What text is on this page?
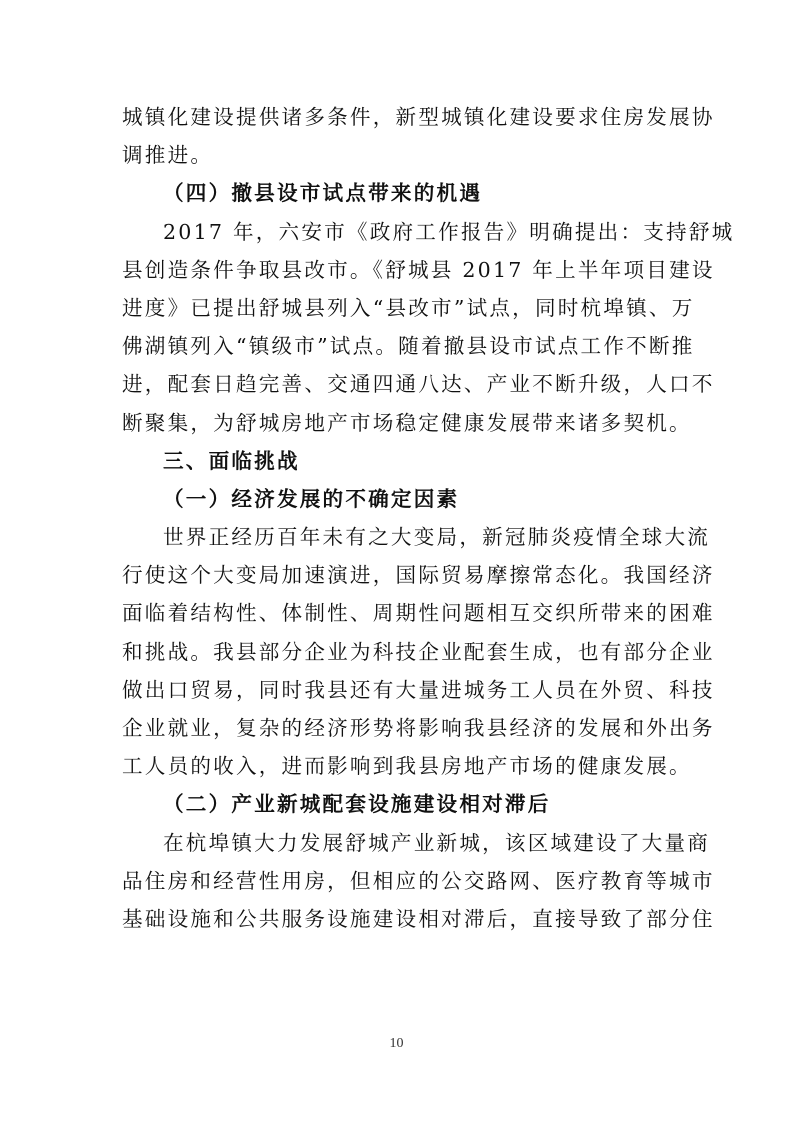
城镇化建设提供诸多条件，新型城镇化建设要求住房发展协
调推进。
（四）撤县设市试点带来的机遇
2017 年，六安市《政府工作报告》明确提出：支持舒城
县创造条件争取县改市。《舒城县 2017 年上半年项目建设
进度》已提出舒城县列入“县改市”试点，同时杭埠镇、万
佛湖镇列入“镇级市”试点。随着撤县设市试点工作不断推
进，配套日趋完善、交通四通八达、产业不断升级，人口不
断聚集，为舒城房地产市场稳定健康发展带来诸多契机。
三、面临挑战
（一）经济发展的不确定因素
世界正经历百年未有之大变局，新冠肺炎疫情全球大流
行使这个大变局加速演进，国际贸易摩擦常态化。我国经济
面临着结构性、体制性、周期性问题相互交织所带来的困难
和挑战。我县部分企业为科技企业配套生成，也有部分企业
做出口贸易，同时我县还有大量进城务工人员在外贸、科技
企业就业，复杂的经济形势将影响我县经济的发展和外出务
工人员的收入，进而影响到我县房地产市场的健康发展。
（二）产业新城配套设施建设相对滞后
在杭埠镇大力发展舒城产业新城，该区域建设了大量商
品住房和经营性用房，但相应的公交路网、医疗教育等城市
基础设施和公共服务设施建设相对滞后，直接导致了部分住
10
